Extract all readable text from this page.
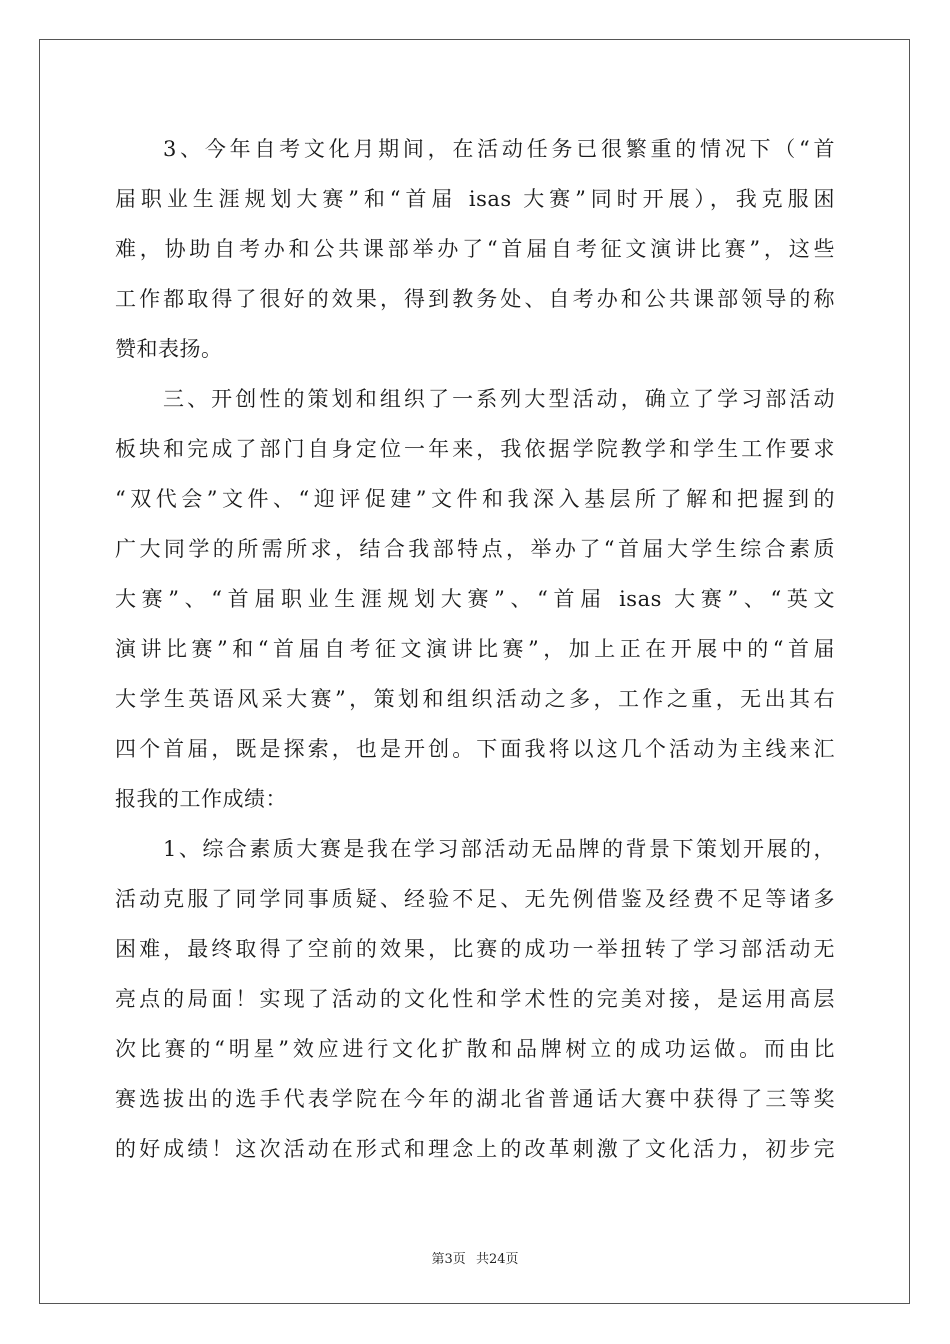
3、今年自考文化月期间，在活动任务已很繁重的情况下（“首
届职业生涯规划大赛”和“首届 isas 大赛”同时开展），我克服困
难，协助自考办和公共课部举办了“首届自考征文演讲比赛”，这些
工作都取得了很好的效果，得到教务处、自考办和公共课部领导的称
赞和表扬。
三、开创性的策划和组织了一系列大型活动，确立了学习部活动
板块和完成了部门自身定位一年来，我依据学院教学和学生工作要求
“双代会”文件、“迎评促建”文件和我深入基层所了解和把握到的
广大同学的所需所求，结合我部特点，举办了“首届大学生综合素质
大赛”、“首届职业生涯规划大赛”、“首届 isas 大赛”、“英文
演讲比赛”和“首届自考征文演讲比赛”，加上正在开展中的“首届
大学生英语风采大赛”，策划和组织活动之多，工作之重，无出其右
四个首届，既是探索，也是开创。下面我将以这几个活动为主线来汇
报我的工作成绩：
1、综合素质大赛是我在学习部活动无品牌的背景下策划开展的，
活动克服了同学同事质疑、经验不足、无先例借鉴及经费不足等诸多
困难，最终取得了空前的效果，比赛的成功一举扭转了学习部活动无
亮点的局面！实现了活动的文化性和学术性的完美对接，是运用高层
次比赛的“明星”效应进行文化扩散和品牌树立的成功运做。而由比
赛选拔出的选手代表学院在今年的湖北省普通话大赛中获得了三等奖
的好成绩！这次活动在形式和理念上的改革刺激了文化活力，初步完
第3页 共24页
